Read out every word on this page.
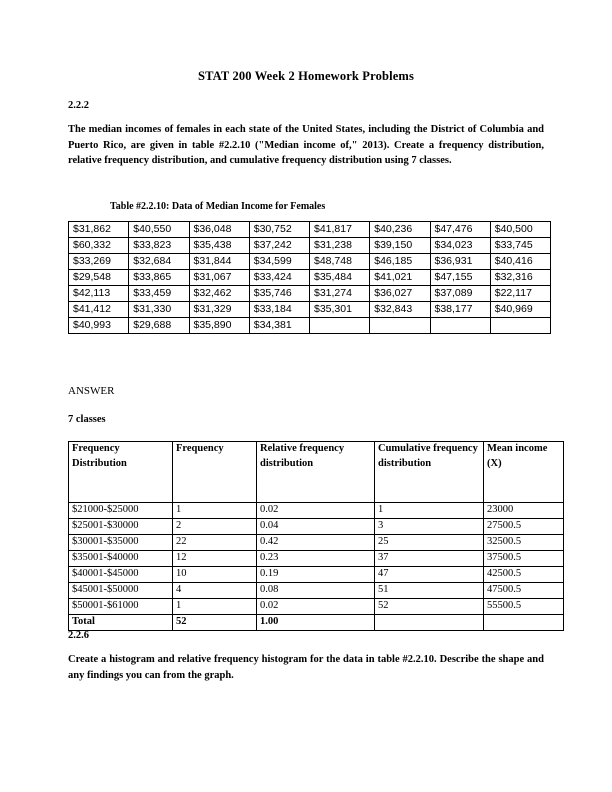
STAT 200 Week 2 Homework Problems
2.2.2
The median incomes of females in each state of the United States, including the District of Columbia and Puerto Rico, are given in table #2.2.10 ("Median income of," 2013). Create a frequency distribution, relative frequency distribution, and cumulative frequency distribution using 7 classes.
Table #2.2.10: Data of Median Income for Females
$31,862	$40,550	$36,048	$30,752	$41,817	$40,236	$47,476	$40,500
$60,332	$33,823	$35,438	$37,242	$31,238	$39,150	$34,023	$33,745
$33,269	$32,684	$31,844	$34,599	$48,748	$46,185	$36,931	$40,416
$29,548	$33,865	$31,067	$33,424	$35,484	$41,021	$47,155	$32,316
$42,113	$33,459	$32,462	$35,746	$31,274	$36,027	$37,089	$22,117
$41,412	$31,330	$31,329	$33,184	$35,301	$32,843	$38,177	$40,969
$40,993	$29,688	$35,890	$34,381				
ANSWER
7 classes
Frequency Distribution	Frequency	Relative frequency distribution	Cumulative frequency distribution	Mean income (X)
$21000-$25000	1	0.02	1	23000
$25001-$30000	2	0.04	3	27500.5
$30001-$35000	22	0.42	25	32500.5
$35001-$40000	12	0.23	37	37500.5
$40001-$45000	10	0.19	47	42500.5
$45001-$50000	4	0.08	51	47500.5
$50001-$61000	1	0.02	52	55500.5
Total	52	1.00		
2.2.6
Create a histogram and relative frequency histogram for the data in table #2.2.10. Describe the shape and any findings you can from the graph.
